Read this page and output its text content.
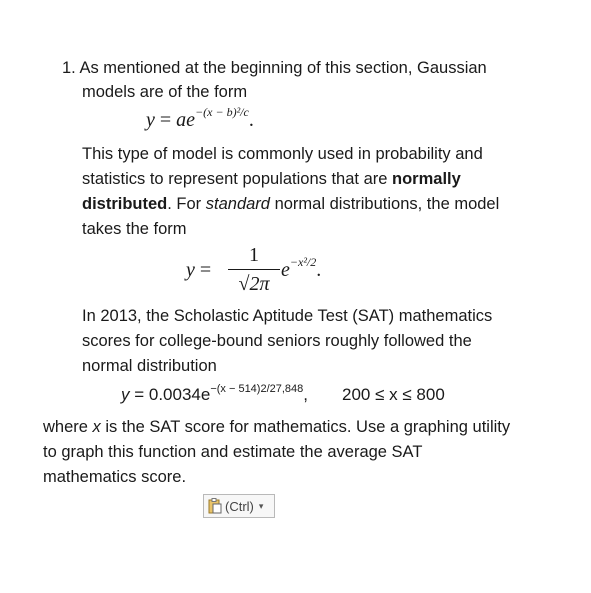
1. As mentioned at the beginning of this section, Gaussian
models are of the form
$y = ae^{-(x - b)^2/c}$.
This type of model is commonly used in probability and
statistics to represent populations that are normally
distributed. For standard normal distributions, the model
takes the form
y =
1
√2π
$e^{-x^2/2}$.
In 2013, the Scholastic Aptitude Test (SAT) mathematics
scores for college-bound seniors roughly followed the
normal distribution
$y = 0.0034e^{-(x - 514)2/27,848}$, 200 ≤ x ≤ 800
where x is the SAT score for mathematics. Use a graphing utility
to graph this function and estimate the average SAT
mathematics score.
(Ctrl) ▾
